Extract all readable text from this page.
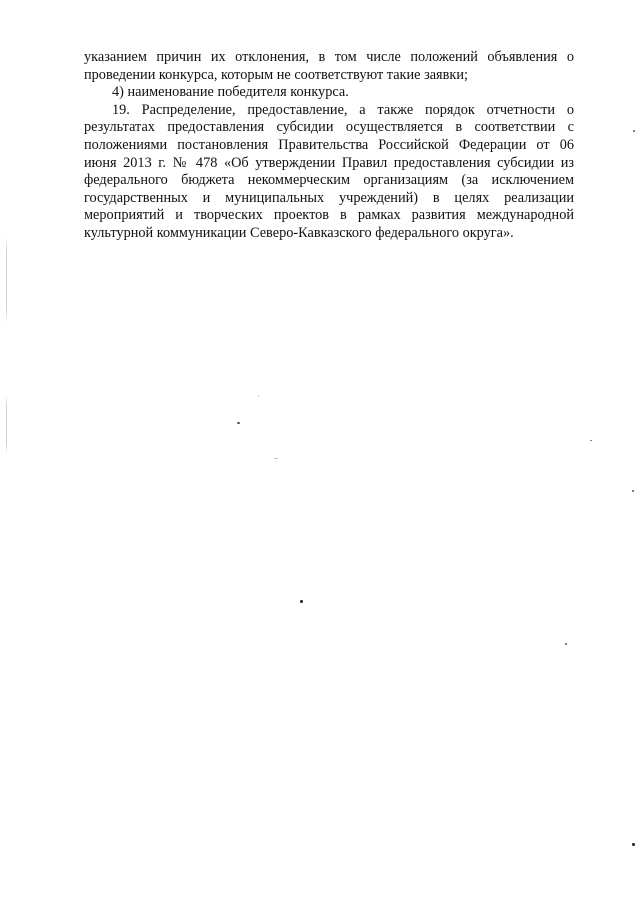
указанием причин их отклонения, в том числе положений объявления о
проведении конкурса, которым не соответствуют такие заявки;
4) наименование победителя конкурса.
19. Распределение, предоставление, а также порядок отчетности о
результатах предоставления субсидии осуществляется в соответствии с
положениями постановления Правительства Российской Федерации от 06
июня 2013 г. № 478 «Об утверждении Правил предоставления субсидии из
федерального бюджета некоммерческим организациям (за исключением
государственных и муниципальных учреждений) в целях реализации
мероприятий и творческих проектов в рамках развития международной
культурной коммуникации Северо-Кавказского федерального округа».
